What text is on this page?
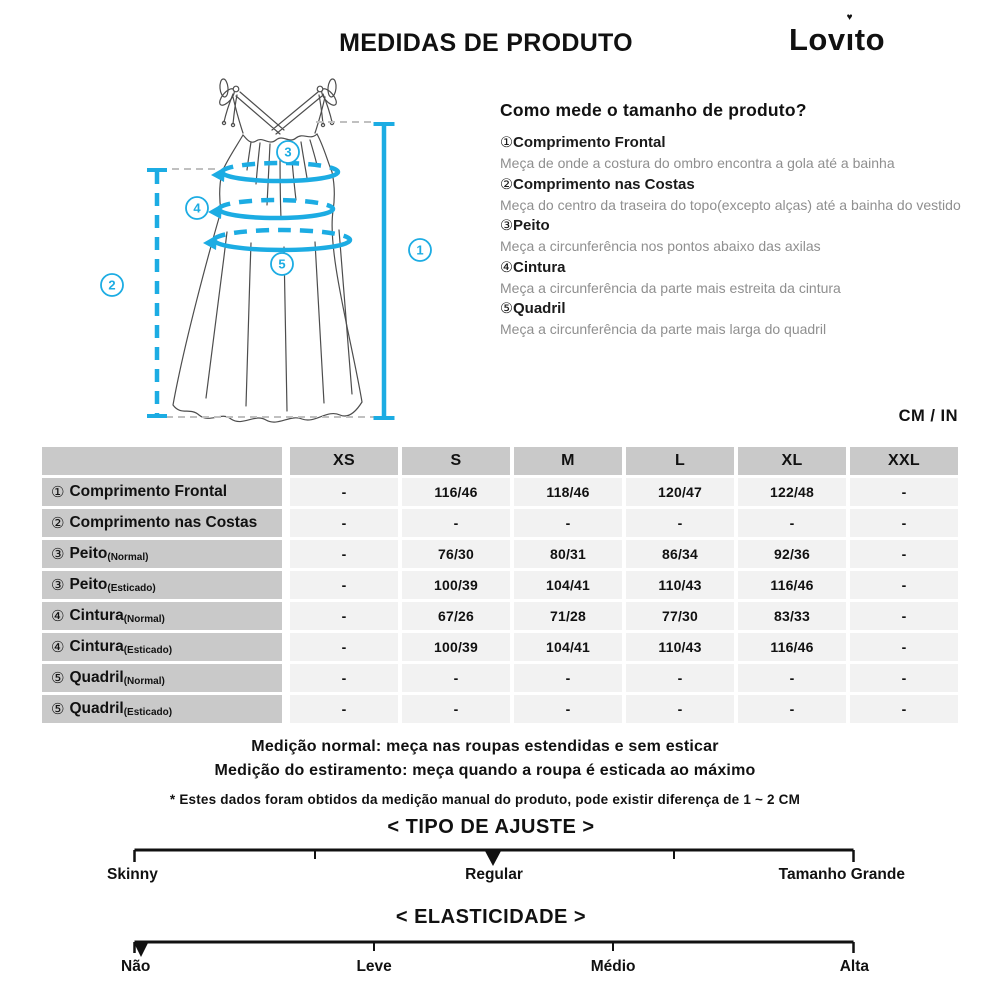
MEDIDAS DE PRODUTO	Lovı
♥
to
1
2
3
4
5
Como mede o tamanho de produto?
①Comprimento Frontal
Meça de onde a costura do ombro encontra a gola até a bainha
②Comprimento nas Costas
Meça do centro da traseira do topo(excepto alças) até a bainha do vestido
③Peito
Meça a circunferência nos pontos abaixo das axilas
④Cintura
Meça a circunferência da parte mais estreita da cintura
⑤Quadril
Meça a circunferência da parte mais larga do quadril
CM / IN
XS	S	M	L	XL	XXL
① Comprimento Frontal	-	116/46	118/46	120/47	122/48	-
② Comprimento nas Costas	-	-	-	-	-	-
③ Peito (Normal)	-	76/30	80/31	86/34	92/36	-
③ Peito (Esticado)	-	100/39	104/41	110/43	116/46	-
④ Cintura (Normal)	-	67/26	71/28	77/30	83/33	-
④ Cintura (Esticado)	-	100/39	104/41	110/43	116/46	-
⑤ Quadril (Normal)	-	-	-	-	-	-
⑤ Quadril (Esticado)	-	-	-	-	-	-
Medição normal: meça nas roupas estendidas e sem esticar
Medição do estiramento: meça quando a roupa é esticada ao máximo
* Estes dados foram obtidos da medição manual do produto, pode existir diferença de 1 ~ 2 CM
< TIPO DE AJUSTE >
Skinny	Regular	Tamanho Grande
< ELASTICIDADE >
Não	Leve	Médio	Alta
